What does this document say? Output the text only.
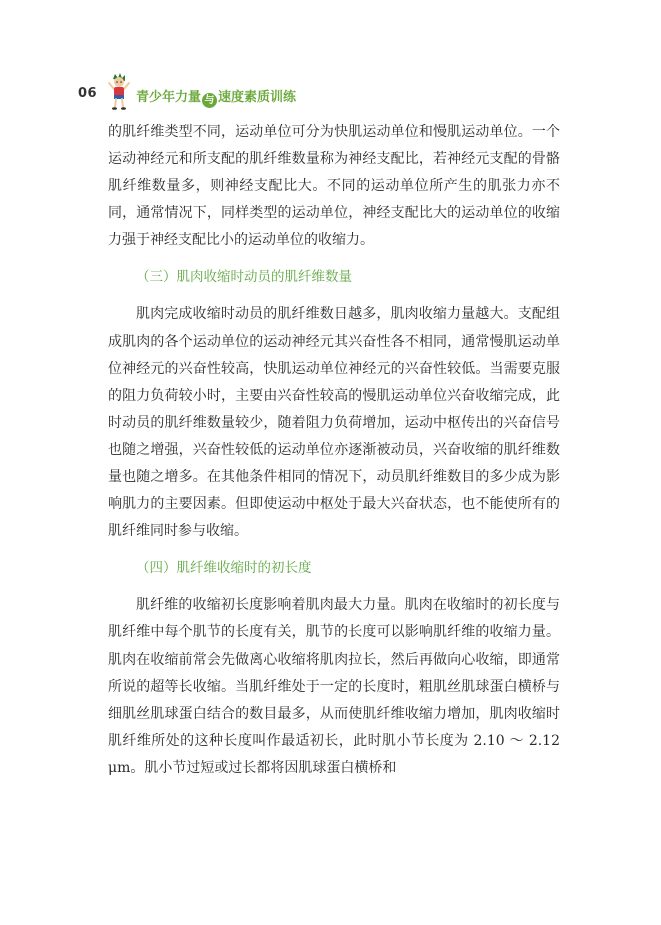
06	青少年力量 与 速度素质训练

的肌纤维类型不同，运动单位可分为快肌运动单位和慢肌运动单位。一个运动神经元和所支配的肌纤维数量称为神经支配比，若神经元支配的骨骼肌纤维数量多，则神经支配比大。不同的运动单位所产生的肌张力亦不同，通常情况下，同样类型的运动单位，神经支配比大的运动单位的收缩力强于神经支配比小的运动单位的收缩力。

（三）肌肉收缩时动员的肌纤维数量

肌肉完成收缩时动员的肌纤维数日越多，肌肉收缩力量越大。支配组成肌肉的各个运动单位的运动神经元其兴奋性各不相同，通常慢肌运动单位神经元的兴奋性较高，快肌运动单位神经元的兴奋性较低。当需要克服的阻力负荷较小时，主要由兴奋性较高的慢肌运动单位兴奋收缩完成，此时动员的肌纤维数量较少，随着阻力负荷增加，运动中枢传出的兴奋信号也随之增强，兴奋性较低的运动单位亦逐渐被动员，兴奋收缩的肌纤维数量也随之增多。在其他条件相同的情况下，动员肌纤维数目的多少成为影响肌力的主要因素。但即使运动中枢处于最大兴奋状态，也不能使所有的肌纤维同时参与收缩。

（四）肌纤维收缩时的初长度

肌纤维的收缩初长度影响着肌肉最大力量。肌肉在收缩时的初长度与肌纤维中每个肌节的长度有关，肌节的长度可以影响肌纤维的收缩力量。肌肉在收缩前常会先做离心收缩将肌肉拉长，然后再做向心收缩，即通常所说的超等长收缩。当肌纤维处于一定的长度时，粗肌丝肌球蛋白横桥与细肌丝肌球蛋白结合的数目最多，从而使肌纤维收缩力增加，肌肉收缩时肌纤维所处的这种长度叫作最适初长，此时肌小节长度为 2.10 ～ 2.12 μm。肌小节过短或过长都将因肌球蛋白横桥和
